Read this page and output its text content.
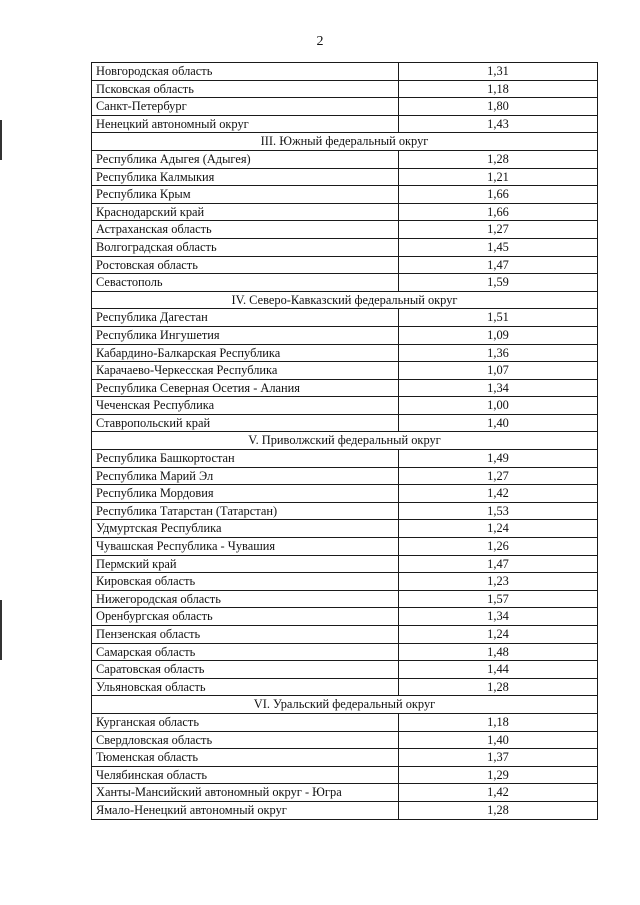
2
Новгородская область	1,31
Псковская область	1,18
Санкт-Петербург	1,80
Ненецкий автономный округ	1,43
III. Южный федеральный округ	
Республика Адыгея (Адыгея)	1,28
Республика Калмыкия	1,21
Республика Крым	1,66
Краснодарский край	1,66
Астраханская область	1,27
Волгоградская область	1,45
Ростовская область	1,47
Севастополь	1,59
IV. Северо-Кавказский федеральный округ	
Республика Дагестан	1,51
Республика Ингушетия	1,09
Кабардино-Балкарская Республика	1,36
Карачаево-Черкесская Республика	1,07
Республика Северная Осетия - Алания	1,34
Чеченская Республика	1,00
Ставропольский край	1,40
V. Приволжский федеральный округ	
Республика Башкортостан	1,49
Республика Марий Эл	1,27
Республика Мордовия	1,42
Республика Татарстан (Татарстан)	1,53
Удмуртская Республика	1,24
Чувашская Республика - Чувашия	1,26
Пермский край	1,47
Кировская область	1,23
Нижегородская область	1,57
Оренбургская область	1,34
Пензенская область	1,24
Самарская область	1,48
Саратовская область	1,44
Ульяновская область	1,28
VI. Уральский федеральный округ	
Курганская область	1,18
Свердловская область	1,40
Тюменская область	1,37
Челябинская область	1,29
Ханты-Мансийский автономный округ - Югра	1,42
Ямало-Ненецкий автономный округ	1,28
